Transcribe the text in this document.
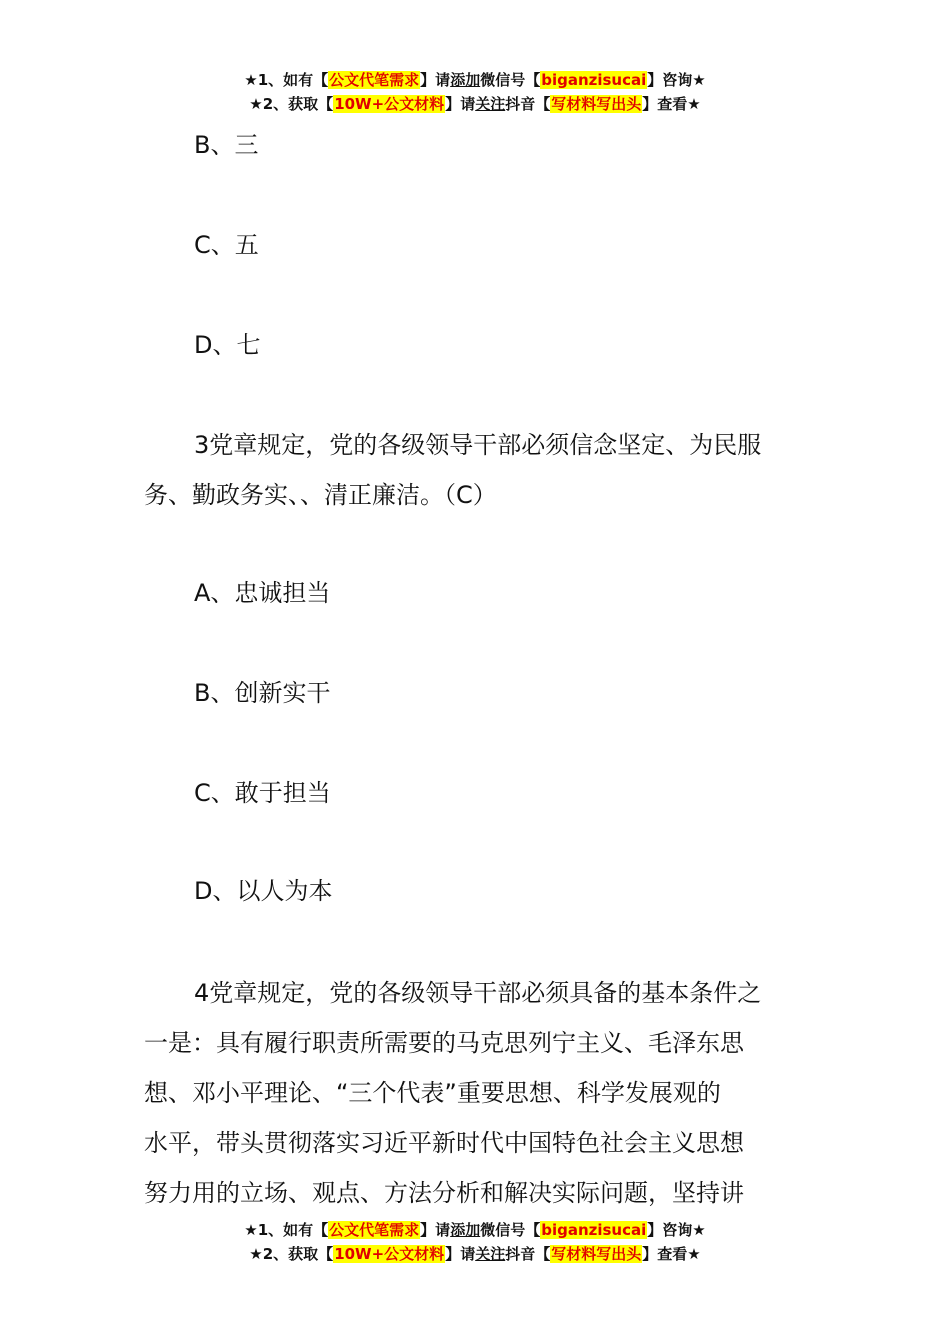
★1、如有【公文代笔需求】请添加微信号【biganzisucai】咨询★
★2、获取【10W+公文材料】请关注抖音【写材料写出头】查看★
B、三
C、五
D、七
3党章规定，党的各级领导干部必须信念坚定、为民服
务、勤政务实、、清正廉洁。（C）
A、忠诚担当
B、创新实干
C、敢于担当
D、以人为本
4党章规定，党的各级领导干部必须具备的基本条件之
一是：具有履行职责所需要的马克思列宁主义、毛泽东思
想、邓小平理论、“三个代表”重要思想、科学发展观的
水平，带头贯彻落实习近平新时代中国特色社会主义思想
努力用的立场、观点、方法分析和解决实际问题，坚持讲
★1、如有【公文代笔需求】请添加微信号【biganzisucai】咨询★
★2、获取【10W+公文材料】请关注抖音【写材料写出头】查看★
